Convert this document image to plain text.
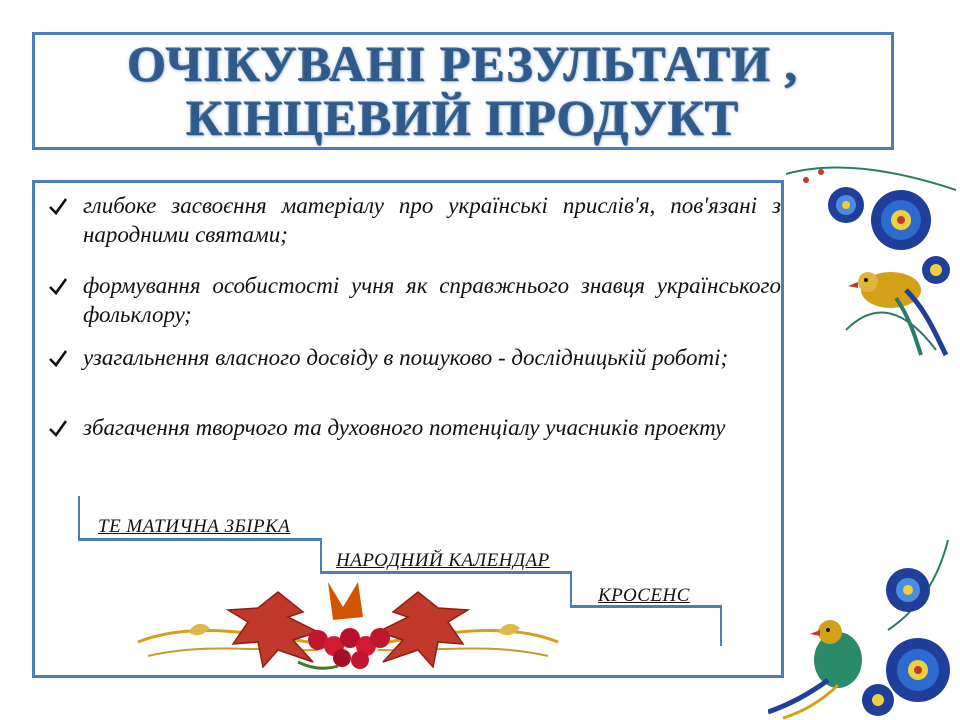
ОЧІКУВАНІ РЕЗУЛЬТАТИ ,
КІНЦЕВИЙ ПРОДУКТ
глибоке засвоєння матеріалу про українські прислів'я, пов'язані з народними святами;
формування особистості учня як справжнього знавця українського фольклору;
узагальнення власного досвіду в пошуково - дослідницькій роботі;
збагачення творчого та духовного потенціалу учасників проекту
ТЕ МАТИЧНА ЗБІРКА
НАРОДНИЙ КАЛЕНДАР
КРОСЕНС
